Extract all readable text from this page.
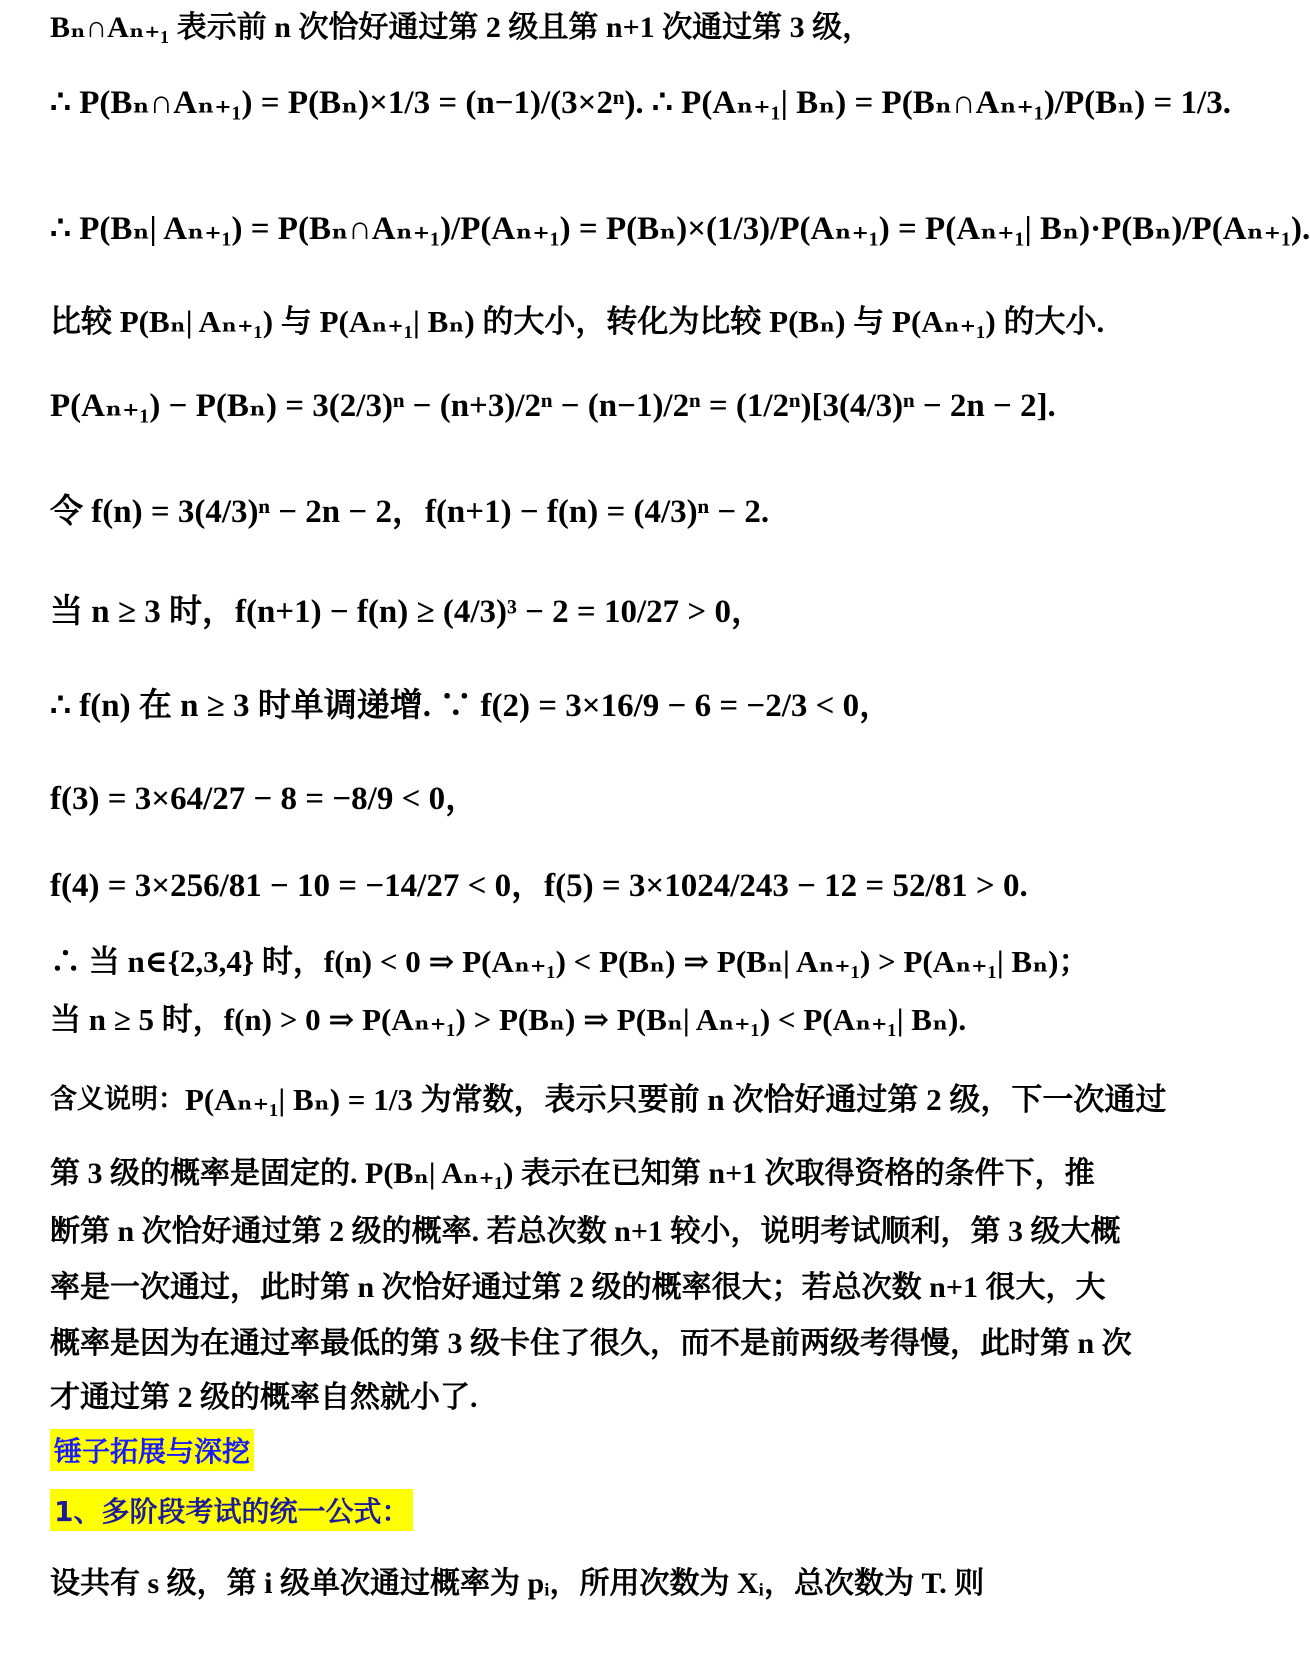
Bₙ∩Aₙ₊₁ 表示前 n 次恰好通过第 2 级且第 n+1 次通过第 3 级，
∴ P(Bₙ∩Aₙ₊₁) = P(Bₙ)×1/3 = (n−1)/(3×2ⁿ). ∴ P(Aₙ₊₁| Bₙ) = P(Bₙ∩Aₙ₊₁)/P(Bₙ) = 1/3.
∴ P(Bₙ| Aₙ₊₁) = P(Bₙ∩Aₙ₊₁)/P(Aₙ₊₁) = P(Bₙ)×(1/3)/P(Aₙ₊₁) = P(Aₙ₊₁| Bₙ)·P(Bₙ)/P(Aₙ₊₁).
比较 P(Bₙ| Aₙ₊₁) 与 P(Aₙ₊₁| Bₙ) 的大小，转化为比较 P(Bₙ) 与 P(Aₙ₊₁) 的大小.
P(Aₙ₊₁) − P(Bₙ) = 3(2/3)ⁿ − (n+3)/2ⁿ − (n−1)/2ⁿ = (1/2ⁿ)[3(4/3)ⁿ − 2n − 2].
令 f(n) = 3(4/3)ⁿ − 2n − 2，f(n+1) − f(n) = (4/3)ⁿ − 2.
当 n ≥ 3 时，f(n+1) − f(n) ≥ (4/3)³ − 2 = 10/27 > 0，
∴ f(n) 在 n ≥ 3 时单调递增. ∵ f(2) = 3×16/9 − 6 = −2/3 < 0，
f(3) = 3×64/27 − 8 = −8/9 < 0，
f(4) = 3×256/81 − 10 = −14/27 < 0，f(5) = 3×1024/243 − 12 = 52/81 > 0.
∴ 当 n∈{2,3,4} 时，f(n) < 0 ⇒ P(Aₙ₊₁) < P(Bₙ) ⇒ P(Bₙ| Aₙ₊₁) > P(Aₙ₊₁| Bₙ)；
当 n ≥ 5 时，f(n) > 0 ⇒ P(Aₙ₊₁) > P(Bₙ) ⇒ P(Bₙ| Aₙ₊₁) < P(Aₙ₊₁| Bₙ).
含义说明： P(Aₙ₊₁| Bₙ) = 1/3 为常数，表示只要前 n 次恰好通过第 2 级，下一次通过
第 3 级的概率是固定的. P(Bₙ| Aₙ₊₁) 表示在已知第 n+1 次取得资格的条件下，推
断第 n 次恰好通过第 2 级的概率. 若总次数 n+1 较小，说明考试顺利，第 3 级大概
率是一次通过，此时第 n 次恰好通过第 2 级的概率很大；若总次数 n+1 很大，大
概率是因为在通过率最低的第 3 级卡住了很久，而不是前两级考得慢，此时第 n 次
才通过第 2 级的概率自然就小了.
锤子拓展与深挖
1、多阶段考试的统一公式：
设共有 s 级，第 i 级单次通过概率为 pᵢ，所用次数为 Xᵢ，总次数为 T. 则
